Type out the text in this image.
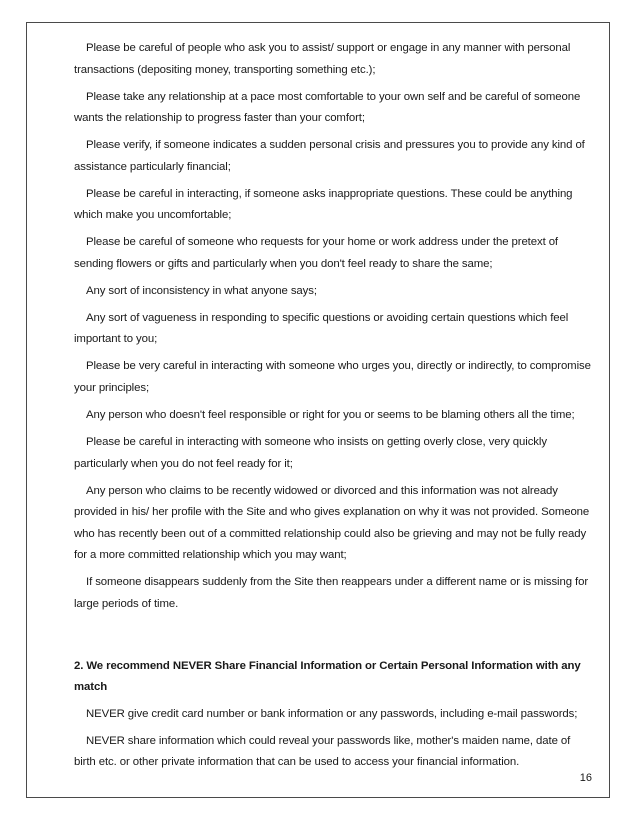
Please be careful of people who ask you to assist/ support or engage in any manner with personal transactions (depositing money, transporting something etc.);

Please take any relationship at a pace most comfortable to your own self and be careful of someone wants the relationship to progress faster than your comfort;

Please verify, if someone indicates a sudden personal crisis and pressures you to provide any kind of assistance particularly financial;

Please be careful in interacting, if someone asks inappropriate questions. These could be anything which make you uncomfortable;

Please be careful of someone who requests for your home or work address under the pretext of sending flowers or gifts and particularly when you don't feel ready to share the same;

Any sort of inconsistency in what anyone says;

Any sort of vagueness in responding to specific questions or avoiding certain questions which feel important to you;

Please be very careful in interacting with someone who urges you, directly or indirectly, to compromise your principles;

Any person who doesn't feel responsible or right for you or seems to be blaming others all the time;

Please be careful in interacting with someone who insists on getting overly close, very quickly particularly when you do not feel ready for it;

Any person who claims to be recently widowed or divorced and this information was not already provided in his/ her profile with the Site and who gives explanation on why it was not provided. Someone who has recently been out of a committed relationship could also be grieving and may not be fully ready for a more committed relationship which you may want;

If someone disappears suddenly from the Site then reappears under a different name or is missing for large periods of time.

2. We recommend NEVER Share Financial Information or Certain Personal Information with any match

NEVER give credit card number or bank information or any passwords, including e-mail passwords;

NEVER share information which could reveal your passwords like, mother's maiden name, date of birth etc. or other private information that can be used to access your financial information.

16
